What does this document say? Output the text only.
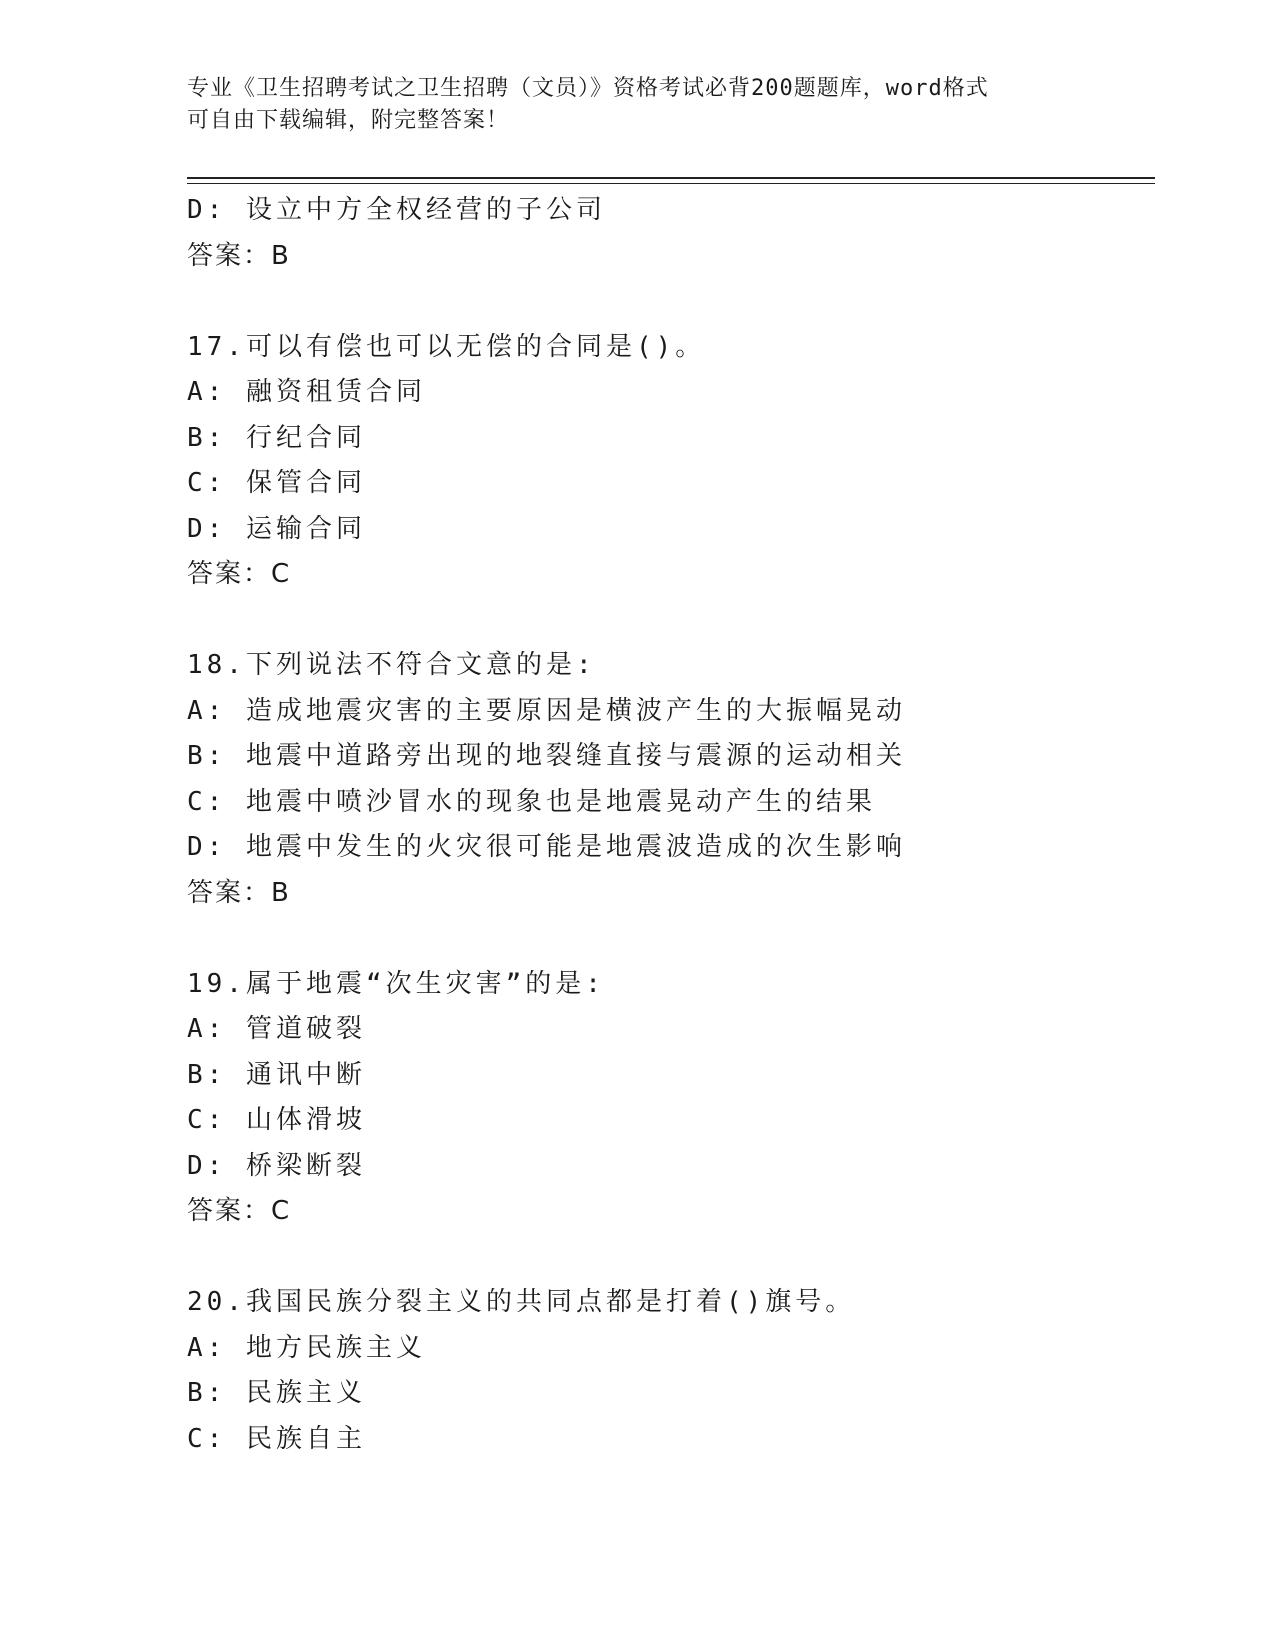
专业《卫生招聘考试之卫生招聘（文员）》资格考试必背200题题库，word格式
可自由下载编辑，附完整答案！
D: 设立中方全权经营的子公司
答案：B
17.可以有偿也可以无偿的合同是()。
A: 融资租赁合同
B: 行纪合同
C: 保管合同
D: 运输合同
答案：C
18.下列说法不符合文意的是:
A: 造成地震灾害的主要原因是横波产生的大振幅晃动
B: 地震中道路旁出现的地裂缝直接与震源的运动相关
C: 地震中喷沙冒水的现象也是地震晃动产生的结果
D: 地震中发生的火灾很可能是地震波造成的次生影响
答案：B
19.属于地震“次生灾害”的是:
A: 管道破裂
B: 通讯中断
C: 山体滑坡
D: 桥梁断裂
答案：C
20.我国民族分裂主义的共同点都是打着()旗号。
A: 地方民族主义
B: 民族主义
C: 民族自主
